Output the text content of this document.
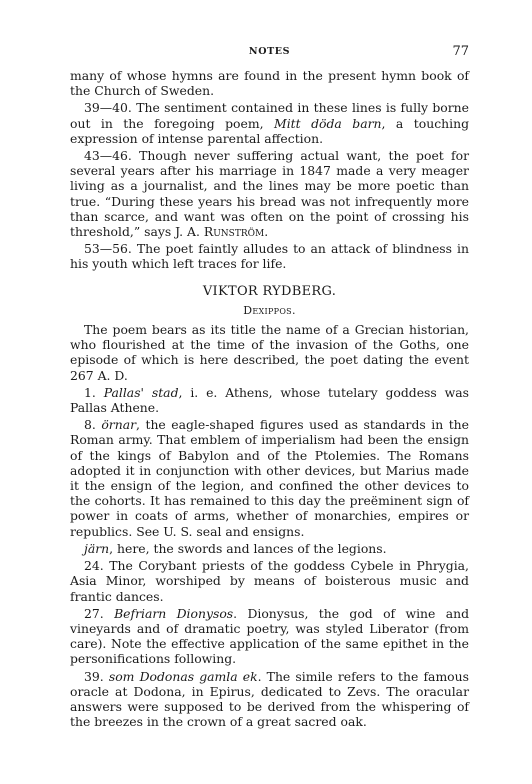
NOTES	77

many of whose hymns are found in the present hymn book of the Church of Sweden.

39—40. The sentiment contained in these lines is fully borne out in the foregoing poem, Mitt döda barn, a touching expression of intense parental affection.

43—46. Though never suffering actual want, the poet for several years after his marriage in 1847 made a very meager living as a journalist, and the lines may be more poetic than true. “During these years his bread was not infrequently more than scarce, and want was often on the point of crossing his threshold,” says J. A. Runström.

53—56. The poet faintly alludes to an attack of blindness in his youth which left traces for life.

VIKTOR RYDBERG.
Dexippos.

The poem bears as its title the name of a Grecian historian, who flourished at the time of the invasion of the Goths, one episode of which is here described, the poet dating the event 267 A. D.

1. Pallas' stad, i. e. Athens, whose tutelary goddess was Pallas Athene.

8. örnar, the eagle-shaped figures used as standards in the Roman army. That emblem of imperialism had been the ensign of the kings of Babylon and of the Ptolemies. The Romans adopted it in conjunction with other devices, but Marius made it the ensign of the legion, and confined the other devices to the cohorts. It has remained to this day the preëminent sign of power in coats of arms, whether of monarchies, empires or republics. See U. S. seal and ensigns.

järn, here, the swords and lances of the legions.

24. The Corybant priests of the goddess Cybele in Phrygia, Asia Minor, worshiped by means of boisterous music and frantic dances.

27. Befriarn Dionysos. Dionysus, the god of wine and vineyards and of dramatic poetry, was styled Liberator (from care). Note the effective application of the same epithet in the personifications following.

39. som Dodonas gamla ek. The simile refers to the famous oracle at Dodona, in Epirus, dedicated to Zevs. The oracular answers were supposed to be derived from the whispering of the breezes in the crown of a great sacred oak.
